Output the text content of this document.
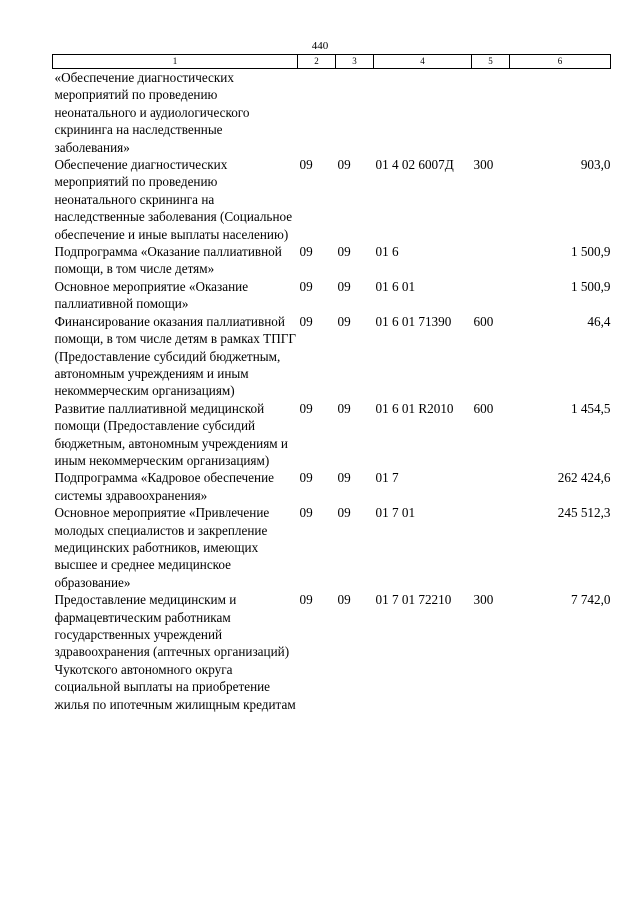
440
1	2	3	4	5	6
«Обеспечение диагностических мероприятий по проведению неонатального и аудиологического скрининга на наследственные заболевания»					
Обеспечение диагностических мероприятий по проведению неонатального скрининга на наследственные заболевания (Социальное обеспечение и иные выплаты населению)	09	09	01 4 02 6007Д	300	903,0
Подпрограмма «Оказание паллиативной помощи, в том числе детям»	09	09	01 6		1 500,9
Основное мероприятие «Оказание паллиативной помощи»	09	09	01 6 01		1 500,9
Финансирование оказания паллиативной помощи, в том числе детям в рамках ТПГГ (Предоставление субсидий бюджетным, автономным учреждениям и иным некоммерческим организациям)	09	09	01 6 01 71390	600	46,4
Развитие паллиативной медицинской помощи (Предоставление субсидий бюджетным, автономным учреждениям и иным некоммерческим организациям)	09	09	01 6 01 R2010	600	1 454,5
Подпрограмма «Кадровое обеспечение системы здравоохранения»	09	09	01 7		262 424,6
Основное мероприятие «Привлечение молодых специалистов и закрепление медицинских работников, имеющих высшее и среднее медицинское образование»	09	09	01 7 01		245 512,3
Предоставление медицинским и фармацевтическим работникам государственных учреждений здравоохранения (аптечных организаций) Чукотского автономного округа социальной выплаты на приобретение жилья по ипотечным жилищным кредитам	09	09	01 7 01 72210	300	7 742,0
